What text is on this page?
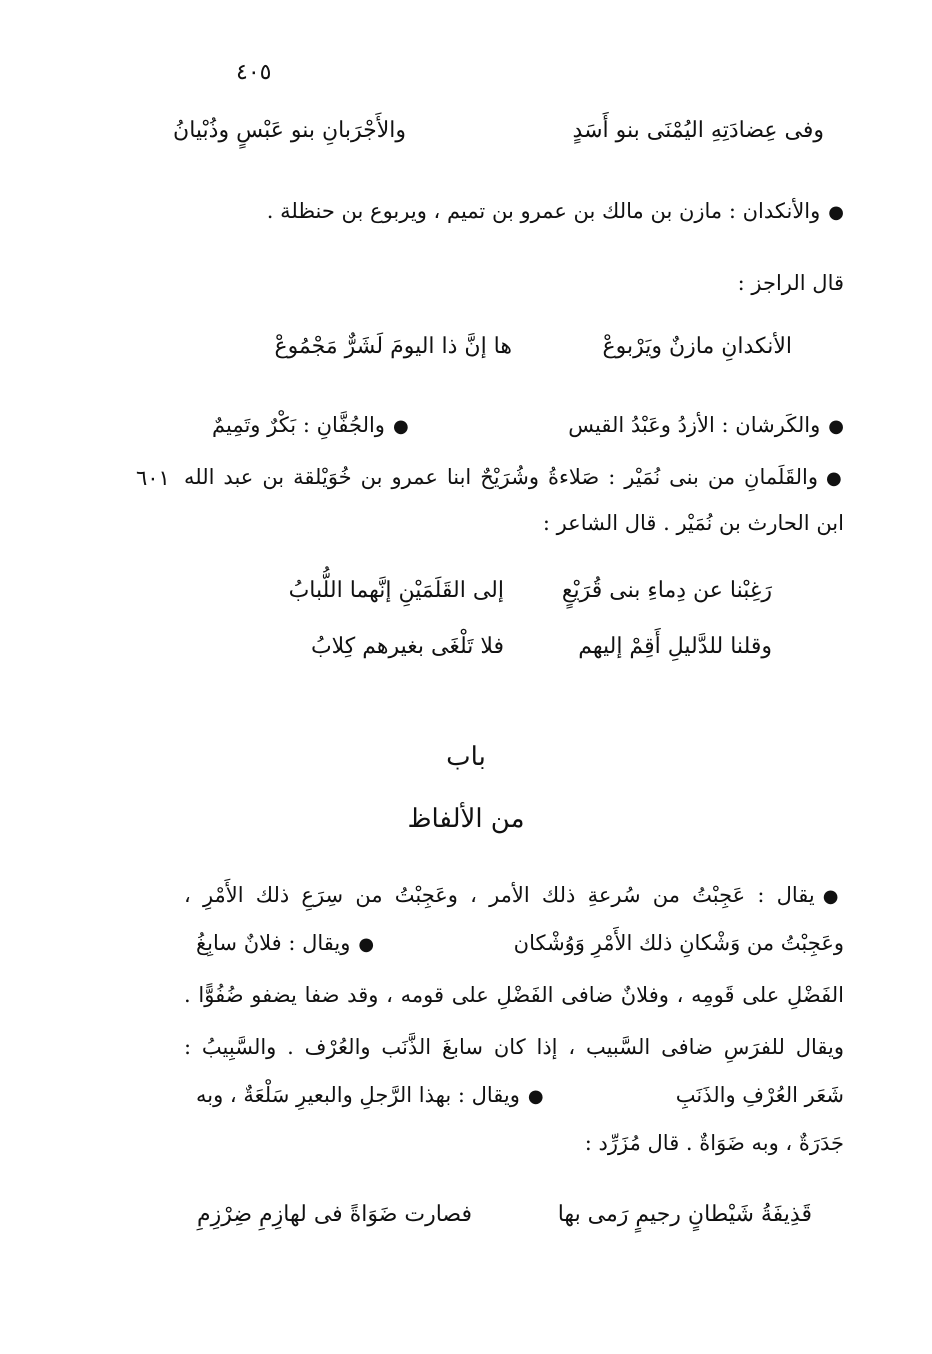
٤٠٥
وفى عِضادَتِهِ اليُمْنَى بنو أَسَدٍ
والأَجْرَبانِ بنو عَبْسٍ وذُبْيانُ
●والأنكدان : مازن بن مالك بن عمرو بن تميم ، ويربوع بن حنظلة .
قال الراجز :
الأنكدانِ مازنٌ ويَرْبوعْ
ها إنَّ ذا اليومَ لَشَرٌّ مَجْمُوعْ
●والكَرشان : الأزدُ وعَبْدُ القيس
●والجُفَّانِ : بَكْرٌ وتَمِيمٌ
٦٠١	●والقَلَمانِ من بنى نُمَيْر : صَلاءةُ وشُرَيْحٌ ابنا عمرو بن خُوَيْلقة بن عبد الله
ابن الحارث بن نُمَيْر . قال الشاعر :
رَغِبْنا عن دِماءِ بنى قُرَيْعٍ
إلى القَلَمَيْنِ إنَّهما اللُّبابُ
وقلنا للدَّليلِ أَقِمْ إليهم
فلا تَلْغَى بغيرهم كِلابُ
باب
من الألفاظ
●يقال : عَجِبْتُ من سُرعةِ ذلك الأمر ، وعَجِبْتُ من سِرَعِ ذلك الأَمْرِ ،
وعَجِبْتُ من وَشْكانِ ذلك الأَمْرِ وَوُشْكان
●ويقال : فلانٌ سابِغُ
الفَضْلِ على قَومِه ، وفلانٌ ضافى الفَضْلِ على قومه ، وقد ضفا يضفو ضُفُوًّا .
ويقال للفرَسِ ضافى السَّبيب ، إذا كان سابغَ الذَّنَب والعُرْف . والسَّبِيبُ :
شَعَر العُرْفِ والذَنَبِ
●ويقال : بهذا الرَّجلِ والبعيرِ سَلْعَةٌ ، وبه
جَدَرَةٌ ، وبه ضَوَاةٌ . قال مُزَرِّد :
قَذِيفَةُ شَيْطانٍ رجيمٍ رَمى بها
فصارت ضَوَاةً فى لهازِمِ ضِرْزِمِ
